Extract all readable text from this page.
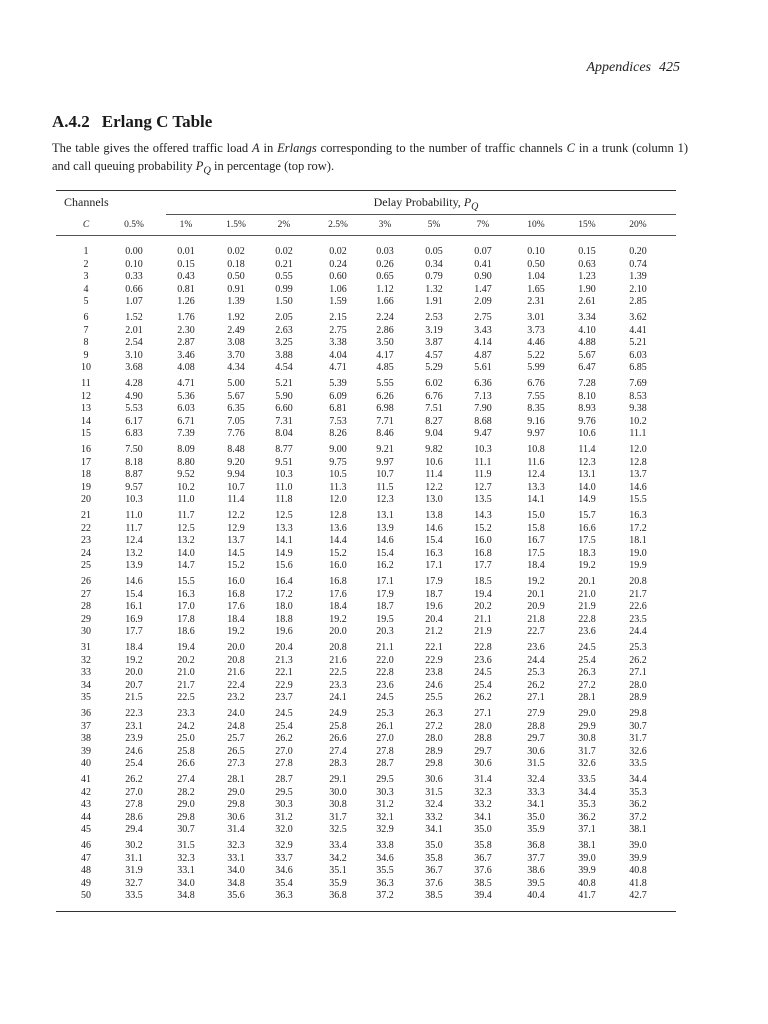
Appendices 425
A.4.2 Erlang C Table
The table gives the offered traffic load A in Erlangs corresponding to the number of traffic channels C in a trunk (column 1) and call queuing probability $P_Q$ in percentage (top row).
Channels	Delay Probability, $P_Q$
C	0.5%	1%	1.5%	2%	2.5%	3%	5%	7%	10%	15%	20%
1	0.00	0.01	0.02	0.02	0.02	0.03	0.05	0.07	0.10	0.15	0.20
2	0.10	0.15	0.18	0.21	0.24	0.26	0.34	0.41	0.50	0.63	0.74
3	0.33	0.43	0.50	0.55	0.60	0.65	0.79	0.90	1.04	1.23	1.39
4	0.66	0.81	0.91	0.99	1.06	1.12	1.32	1.47	1.65	1.90	2.10
5	1.07	1.26	1.39	1.50	1.59	1.66	1.91	2.09	2.31	2.61	2.85
6	1.52	1.76	1.92	2.05	2.15	2.24	2.53	2.75	3.01	3.34	3.62
7	2.01	2.30	2.49	2.63	2.75	2.86	3.19	3.43	3.73	4.10	4.41
8	2.54	2.87	3.08	3.25	3.38	3.50	3.87	4.14	4.46	4.88	5.21
9	3.10	3.46	3.70	3.88	4.04	4.17	4.57	4.87	5.22	5.67	6.03
10	3.68	4.08	4.34	4.54	4.71	4.85	5.29	5.61	5.99	6.47	6.85
11	4.28	4.71	5.00	5.21	5.39	5.55	6.02	6.36	6.76	7.28	7.69
12	4.90	5.36	5.67	5.90	6.09	6.26	6.76	7.13	7.55	8.10	8.53
13	5.53	6.03	6.35	6.60	6.81	6.98	7.51	7.90	8.35	8.93	9.38
14	6.17	6.71	7.05	7.31	7.53	7.71	8.27	8.68	9.16	9.76	10.2
15	6.83	7.39	7.76	8.04	8.26	8.46	9.04	9.47	9.97	10.6	11.1
16	7.50	8.09	8.48	8.77	9.00	9.21	9.82	10.3	10.8	11.4	12.0
17	8.18	8.80	9.20	9.51	9.75	9.97	10.6	11.1	11.6	12.3	12.8
18	8.87	9.52	9.94	10.3	10.5	10.7	11.4	11.9	12.4	13.1	13.7
19	9.57	10.2	10.7	11.0	11.3	11.5	12.2	12.7	13.3	14.0	14.6
20	10.3	11.0	11.4	11.8	12.0	12.3	13.0	13.5	14.1	14.9	15.5
21	11.0	11.7	12.2	12.5	12.8	13.1	13.8	14.3	15.0	15.7	16.3
22	11.7	12.5	12.9	13.3	13.6	13.9	14.6	15.2	15.8	16.6	17.2
23	12.4	13.2	13.7	14.1	14.4	14.6	15.4	16.0	16.7	17.5	18.1
24	13.2	14.0	14.5	14.9	15.2	15.4	16.3	16.8	17.5	18.3	19.0
25	13.9	14.7	15.2	15.6	16.0	16.2	17.1	17.7	18.4	19.2	19.9
26	14.6	15.5	16.0	16.4	16.8	17.1	17.9	18.5	19.2	20.1	20.8
27	15.4	16.3	16.8	17.2	17.6	17.9	18.7	19.4	20.1	21.0	21.7
28	16.1	17.0	17.6	18.0	18.4	18.7	19.6	20.2	20.9	21.9	22.6
29	16.9	17.8	18.4	18.8	19.2	19.5	20.4	21.1	21.8	22.8	23.5
30	17.7	18.6	19.2	19.6	20.0	20.3	21.2	21.9	22.7	23.6	24.4
31	18.4	19.4	20.0	20.4	20.8	21.1	22.1	22.8	23.6	24.5	25.3
32	19.2	20.2	20.8	21.3	21.6	22.0	22.9	23.6	24.4	25.4	26.2
33	20.0	21.0	21.6	22.1	22.5	22.8	23.8	24.5	25.3	26.3	27.1
34	20.7	21.7	22.4	22.9	23.3	23.6	24.6	25.4	26.2	27.2	28.0
35	21.5	22.5	23.2	23.7	24.1	24.5	25.5	26.2	27.1	28.1	28.9
36	22.3	23.3	24.0	24.5	24.9	25.3	26.3	27.1	27.9	29.0	29.8
37	23.1	24.2	24.8	25.4	25.8	26.1	27.2	28.0	28.8	29.9	30.7
38	23.9	25.0	25.7	26.2	26.6	27.0	28.0	28.8	29.7	30.8	31.7
39	24.6	25.8	26.5	27.0	27.4	27.8	28.9	29.7	30.6	31.7	32.6
40	25.4	26.6	27.3	27.8	28.3	28.7	29.8	30.6	31.5	32.6	33.5
41	26.2	27.4	28.1	28.7	29.1	29.5	30.6	31.4	32.4	33.5	34.4
42	27.0	28.2	29.0	29.5	30.0	30.3	31.5	32.3	33.3	34.4	35.3
43	27.8	29.0	29.8	30.3	30.8	31.2	32.4	33.2	34.1	35.3	36.2
44	28.6	29.8	30.6	31.2	31.7	32.1	33.2	34.1	35.0	36.2	37.2
45	29.4	30.7	31.4	32.0	32.5	32.9	34.1	35.0	35.9	37.1	38.1
46	30.2	31.5	32.3	32.9	33.4	33.8	35.0	35.8	36.8	38.1	39.0
47	31.1	32.3	33.1	33.7	34.2	34.6	35.8	36.7	37.7	39.0	39.9
48	31.9	33.1	34.0	34.6	35.1	35.5	36.7	37.6	38.6	39.9	40.8
49	32.7	34.0	34.8	35.4	35.9	36.3	37.6	38.5	39.5	40.8	41.8
50	33.5	34.8	35.6	36.3	36.8	37.2	38.5	39.4	40.4	41.7	42.7
